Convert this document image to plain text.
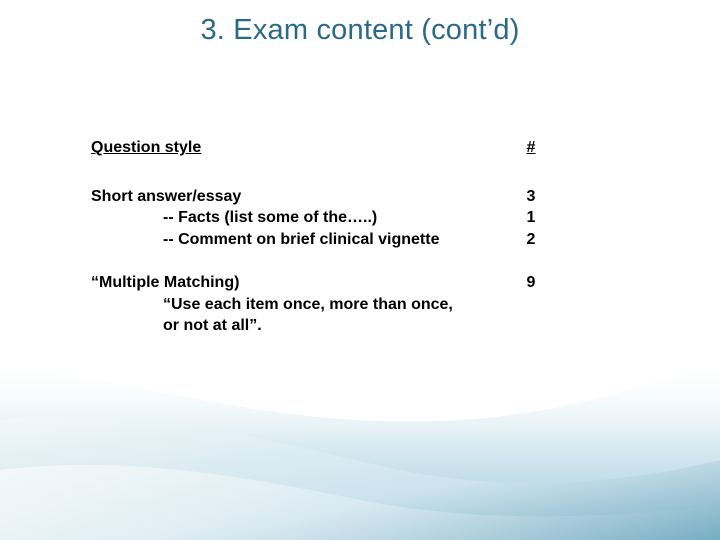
3. Exam content (cont’d)
Question style	#
Short answer/essay
-- Facts (list some of the…..)
-- Comment on brief clinical vignette
3
1
2
“Multiple Matching)
“Use each item once, more than once,
or not at all”.
9
